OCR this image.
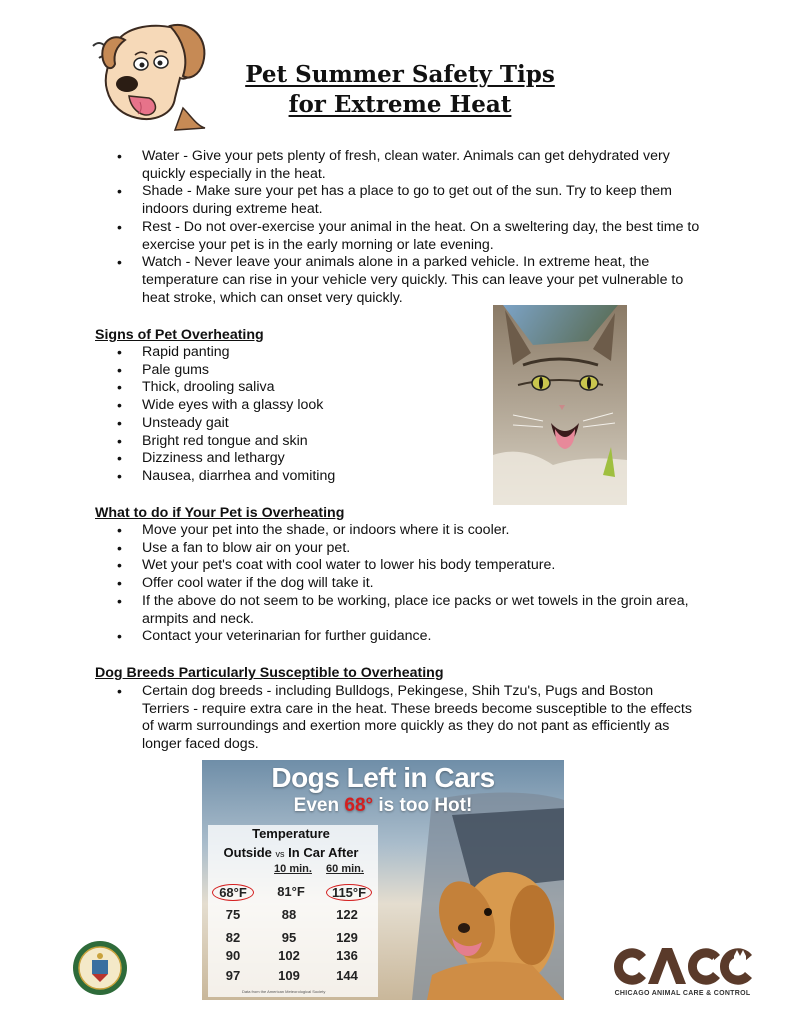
Pet Summer Safety Tips
for Extreme Heat
• Water - Give your pets plenty of fresh, clean water. Animals can get dehydrated very quickly especially in the heat.
• Shade - Make sure your pet has a place to go to get out of the sun. Try to keep them indoors during extreme heat.
• Rest - Do not over-exercise your animal in the heat. On a sweltering day, the best time to exercise your pet is in the early morning or late evening.
• Watch - Never leave your animals alone in a parked vehicle. In extreme heat, the temperature can rise in your vehicle very quickly. This can leave your pet vulnerable to heat stroke, which can onset very quickly.
Signs of Pet Overheating
• Rapid panting
• Pale gums
• Thick, drooling saliva
• Wide eyes with a glassy look
• Unsteady gait
• Bright red tongue and skin
• Dizziness and lethargy
• Nausea, diarrhea and vomiting
What to do if Your Pet is Overheating
• Move your pet into the shade, or indoors where it is cooler.
• Use a fan to blow air on your pet.
• Wet your pet's coat with cool water to lower his body temperature.
• Offer cool water if the dog will take it.
• If the above do not seem to be working, place ice packs or wet towels in the groin area, armpits and neck.
• Contact your veterinarian for further guidance.
Dog Breeds Particularly Susceptible to Overheating
• Certain dog breeds - including Bulldogs, Pekingese, Shih Tzu's, Pugs and Boston Terriers - require extra care in the heat. These breeds become susceptible to the effects of warm surroundings and exertion more quickly as they do not pant as efficiently as longer faced dogs.
Dogs Left in Cars
Even 68° is too Hot!
Temperature
Outside vs In Car After
10 min.	60 min.
68°F	81°F	115°F
75	88	122
82	95	129
90	102	136
97	109	144
Data from the American Meteorological Society	CHICAGO ANIMAL CARE & CONTROL
